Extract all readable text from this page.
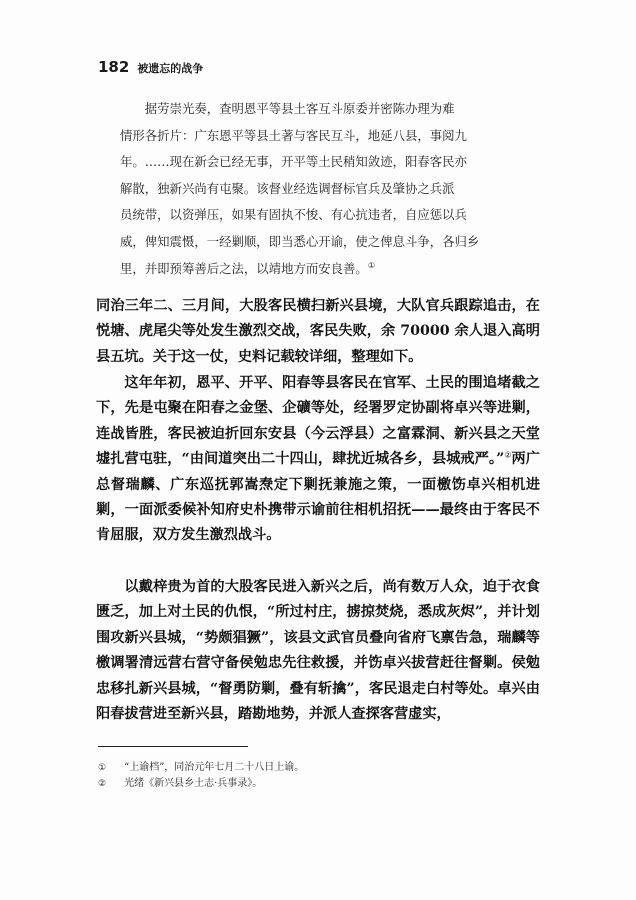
182 被遗忘的战争
据劳崇光奏，查明恩平等县土客互斗原委并密陈办理为难
情形各折片：广东恩平等县土著与客民互斗，地延八县，事阅九
年。……现在新会已经无事，开平等土民稍知敛迹，阳春客民亦
解散，独新兴尚有屯聚。该督业经选调督标官兵及肇协之兵派
员统带，以资弹压，如果有固执不悛、有心抗违者，自应惩以兵
威，俾知震慑，一经剿顺，即当悉心开谕，使之俾息斗争，各归乡
里，并即预筹善后之法，以靖地方而安良善。①
同治三年二、三月间，大股客民横扫新兴县境，大队官兵跟踪追击，在悦塘、虎尾尖等处发生激烈交战，客民失败，余 70000 余人退入高明县五坑。关于这一仗，史料记载较详细，整理如下。
这年年初，恩平、开平、阳春等县客民在官军、土民的围追堵截之下，先是屯聚在阳春之金堡、企礦等处，经署罗定协副将卓兴等进剿，连战皆胜，客民被迫折回东安县（今云浮县）之富霖洞、新兴县之天堂墟扎营屯驻，“由间道突出二十四山，肆扰近城各乡，县城戒严。”②两广总督瑞麟、广东巡抚郭嵩焘定下剿抚兼施之策，一面檄饬卓兴相机进剿，一面派委候补知府史朴携带示谕前往相机招抚——最终由于客民不肯屈服，双方发生激烈战斗。
以戴梓贵为首的大股客民进入新兴之后，尚有数万人众，迫于衣食匮乏，加上对土民的仇恨，“所过村庄，掳掠焚烧，悉成灰烬”，并计划围攻新兴县城，“势颇猖獗”，该县文武官员叠向省府飞禀告急，瑞麟等檄调署清远营右营守备侯勉忠先往救援，并饬卓兴拔营赶往督剿。侯勉忠移扎新兴县城，“督勇防剿，叠有斩擒”，客民退走白村等处。卓兴由阳春拔营进至新兴县，踏勘地势，并派人查探客营虚实，
① “上谕档”，同治元年七月二十八日上谕。
② 光绪《新兴县乡土志·兵事录》。
